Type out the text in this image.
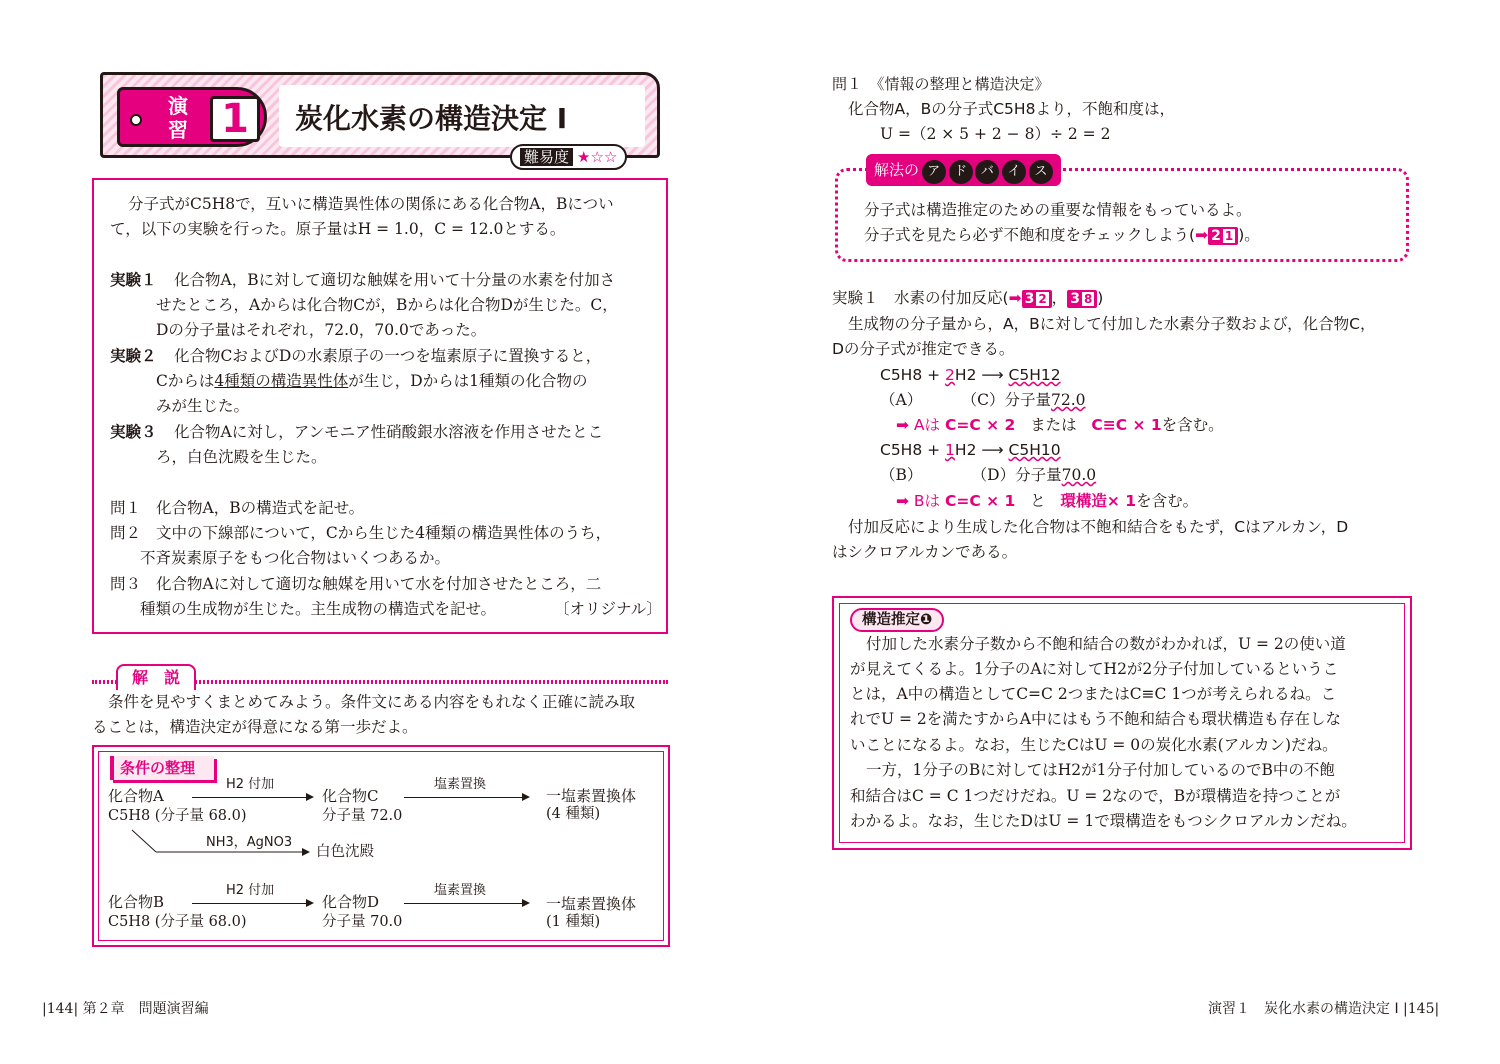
演習 1 炭化水素の構造決定 I
難易度 ★☆☆

分子式がC5H8で，互いに構造異性体の関係にある化合物A，Bについ

て，以下の実験を行った。原子量はH = 1.0，C = 12.0とする。

実験１ 化合物A，Bに対して適切な触媒を用いて十分量の水素を付加さ

せたところ，Aからは化合物Cが，Bからは化合物Dが生じた。C，

Dの分子量はそれぞれ，72.0，70.0であった。

実験２ 化合物CおよびDの水素原子の一つを塩素原子に置換すると，

Cからは4種類の構造異性体が生じ，Dからは1種類の化合物の

みが生じた。

実験３ 化合物Aに対し，アンモニア性硝酸銀水溶液を作用させたとこ

ろ，白色沈殿を生じた。

問１ 化合物A，Bの構造式を記せ。

問２ 文中の下線部について，Cから生じた4種類の構造異性体のうち，

不斉炭素原子をもつ化合物はいくつあるか。

問３ 化合物Aに対して適切な触媒を用いて水を付加させたところ，二

種類の生成物が生じた。主生成物の構造式を記せ。	〔オリジナル〕

解　説

条件を見やすくまとめてみよう。条件文にある内容をもれなく正確に読み取

ることは，構造決定が得意になる第一歩だよ。

条件の整理

化合物A

C5H8 (分子量 68.0)

H2 付加

化合物C

分子量 72.0

塩素置換

一塩素置換体

(4 種類)

NH3，AgNO3

白色沈殿

化合物B

C5H8 (分子量 68.0)

H2 付加

化合物D

分子量 70.0

塩素置換

一塩素置換体

(1 種類)

|144| 第２章　問題演習編

問１　《情報の整理と構造決定》

化合物A，Bの分子式C5H8より，不飽和度は，

U =（2 × 5 + 2 − 8）÷ 2 = 2

解法の ア ド バ イ ス

分子式は構造推定のための重要な情報をもっているよ。

分子式を見たら必ず不飽和度をチェックしよう(➡ 2 1 )。

実験１　水素の付加反応(➡ 3 2 ， 3 8 )

生成物の分子量から，A，Bに対して付加した水素分子数および，化合物C，

Dの分子式が推定できる。

C5H8 + 2H2 ⟶ C5H12

（A）	（C）分子量72.0

➡ Aは C=C × 2 または C≡C × 1を含む。

C5H8 + 1H2 ⟶ C5H10

（B）	（D）分子量70.0

➡ Bは C=C × 1 と 環構造× 1を含む。

付加反応により生成した化合物は不飽和結合をもたず，Cはアルカン，D

はシクロアルカンである。

構造推定❶

付加した水素分子数から不飽和結合の数がわかれば，U = 2の使い道

が見えてくるよ。1分子のAに対してH2が2分子付加しているというこ

とは，A中の構造としてC=C 2つまたはC≡C 1つが考えられるね。こ

れでU = 2を満たすからA中にはもう不飽和結合も環状構造も存在しな

いことになるよ。なお，生じたCはU = 0の炭化水素(アルカン)だね。

一方，1分子のBに対してはH2が1分子付加しているのでB中の不飽

和結合はC = C 1つだけだね。U = 2なので，Bが環構造を持つことが

わかるよ。なお，生じたDはU = 1で環構造をもつシクロアルカンだね。

演習１　炭化水素の構造決定 I |145|
